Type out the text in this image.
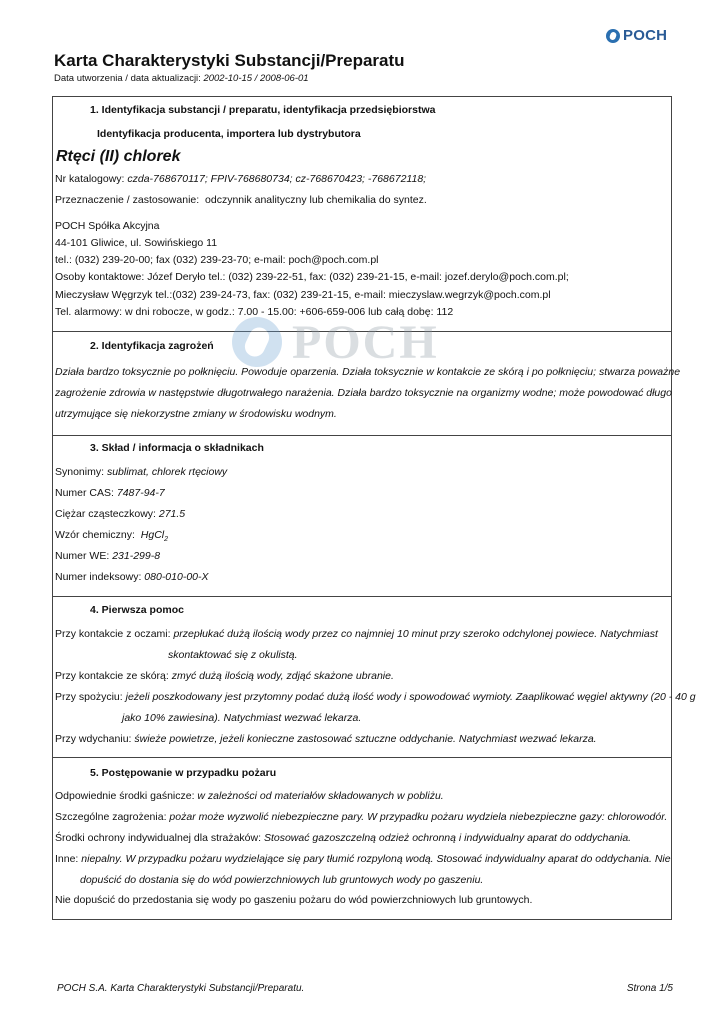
POCH
Karta Charakterystyki Substancji/Preparatu
Data utworzenia / data aktualizacji: 2002-10-15 / 2008-06-01
POCH
1. Identyfikacja substancji / preparatu, identyfikacja przedsiębiorstwa
Identyfikacja producenta, importera lub dystrybutora
Rtęci (II) chlorek
Nr katalogowy: czda-768670117; FPIV-768680734; cz-768670423; -768672118;
Przeznaczenie / zastosowanie: odczynnik analityczny lub chemikalia do syntez.
POCH Spółka Akcyjna
44-101 Gliwice, ul. Sowińskiego 11
tel.: (032) 239-20-00; fax (032) 239-23-70; e-mail: poch@poch.com.pl
Osoby kontaktowe: Józef Deryło tel.: (032) 239-22-51, fax: (032) 239-21-15, e-mail: jozef.derylo@poch.com.pl;
Mieczysław Węgrzyk tel.:(032) 239-24-73, fax: (032) 239-21-15, e-mail: mieczyslaw.wegrzyk@poch.com.pl
Tel. alarmowy: w dni robocze, w godz.: 7.00 - 15.00: +606-659-006 lub całą dobę: 112
2. Identyfikacja zagrożeń
Działa bardzo toksycznie po połknięciu. Powoduje oparzenia. Działa toksycznie w kontakcie ze skórą i po połknięciu; stwarza poważne
zagrożenie zdrowia w następstwie długotrwałego narażenia. Działa bardzo toksycznie na organizmy wodne; może powodować długo
utrzymujące się niekorzystne zmiany w środowisku wodnym.
3. Skład / informacja o składnikach
Synonimy: sublimat, chlorek rtęciowy
Numer CAS: 7487-94-7
Ciężar cząsteczkowy: 271.5
Wzór chemiczny: HgCl$_2$
Numer WE: 231-299-8
Numer indeksowy: 080-010-00-X
4. Pierwsza pomoc
Przy kontakcie z oczami: przepłukać dużą ilością wody przez co najmniej 10 minut przy szeroko odchylonej powiece. Natychmiast
skontaktować się z okulistą.
Przy kontakcie ze skórą: zmyć dużą ilością wody, zdjąć skażone ubranie.
Przy spożyciu: jeżeli poszkodowany jest przytomny podać dużą ilość wody i spowodować wymioty. Zaaplikować węgiel aktywny (20 - 40 g
jako 10% zawiesina). Natychmiast wezwać lekarza.
Przy wdychaniu: świeże powietrze, jeżeli konieczne zastosować sztuczne oddychanie. Natychmiast wezwać lekarza.
5. Postępowanie w przypadku pożaru
Odpowiednie środki gaśnicze: w zależności od materiałów składowanych w pobliżu.
Szczególne zagrożenia: pożar może wyzwolić niebezpieczne pary. W przypadku pożaru wydziela niebezpieczne gazy: chlorowodór.
Środki ochrony indywidualnej dla strażaków: Stosować gazoszczelną odzież ochronną i indywidualny aparat do oddychania.
Inne: niepalny. W przypadku pożaru wydzielające się pary tłumić rozpyloną wodą. Stosować indywidualny aparat do oddychania. Nie
dopuścić do dostania się do wód powierzchniowych lub gruntowych wody po gaszeniu.
Nie dopuścić do przedostania się wody po gaszeniu pożaru do wód powierzchniowych lub gruntowych.
POCH S.A. Karta Charakterystyki Substancji/Preparatu.	Strona 1/5
